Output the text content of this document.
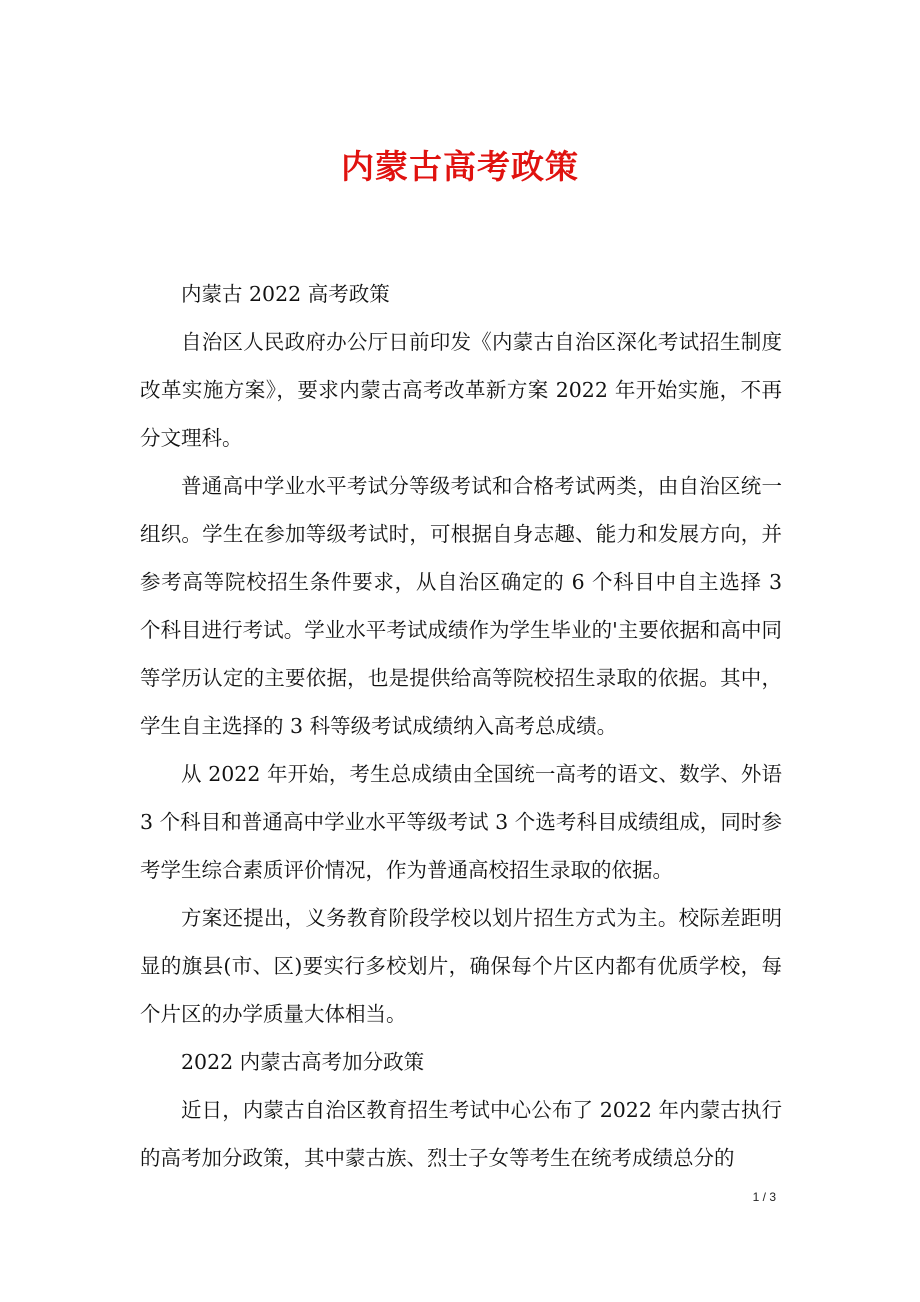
内蒙古高考政策

内蒙古 2022 高考政策

自治区人民政府办公厅日前印发《内蒙古自治区深化考试招生制度改革实施方案》，要求内蒙古高考改革新方案 2022 年开始实施，不再分文理科。

普通高中学业水平考试分等级考试和合格考试两类，由自治区统一组织。学生在参加等级考试时，可根据自身志趣、能力和发展方向，并参考高等院校招生条件要求，从自治区确定的 6 个科目中自主选择 3 个科目进行考试。学业水平考试成绩作为学生毕业的'主要依据和高中同等学历认定的主要依据，也是提供给高等院校招生录取的依据。其中，学生自主选择的 3 科等级考试成绩纳入高考总成绩。

从 2022 年开始，考生总成绩由全国统一高考的语文、数学、外语 3 个科目和普通高中学业水平等级考试 3 个选考科目成绩组成，同时参考学生综合素质评价情况，作为普通高校招生录取的依据。

方案还提出，义务教育阶段学校以划片招生方式为主。校际差距明显的旗县(市、区)要实行多校划片，确保每个片区内都有优质学校，每个片区的办学质量大体相当。

2022 内蒙古高考加分政策

近日，内蒙古自治区教育招生考试中心公布了 2022 年内蒙古执行的高考加分政策，其中蒙古族、烈士子女等考生在统考成绩总分的

1 / 3
